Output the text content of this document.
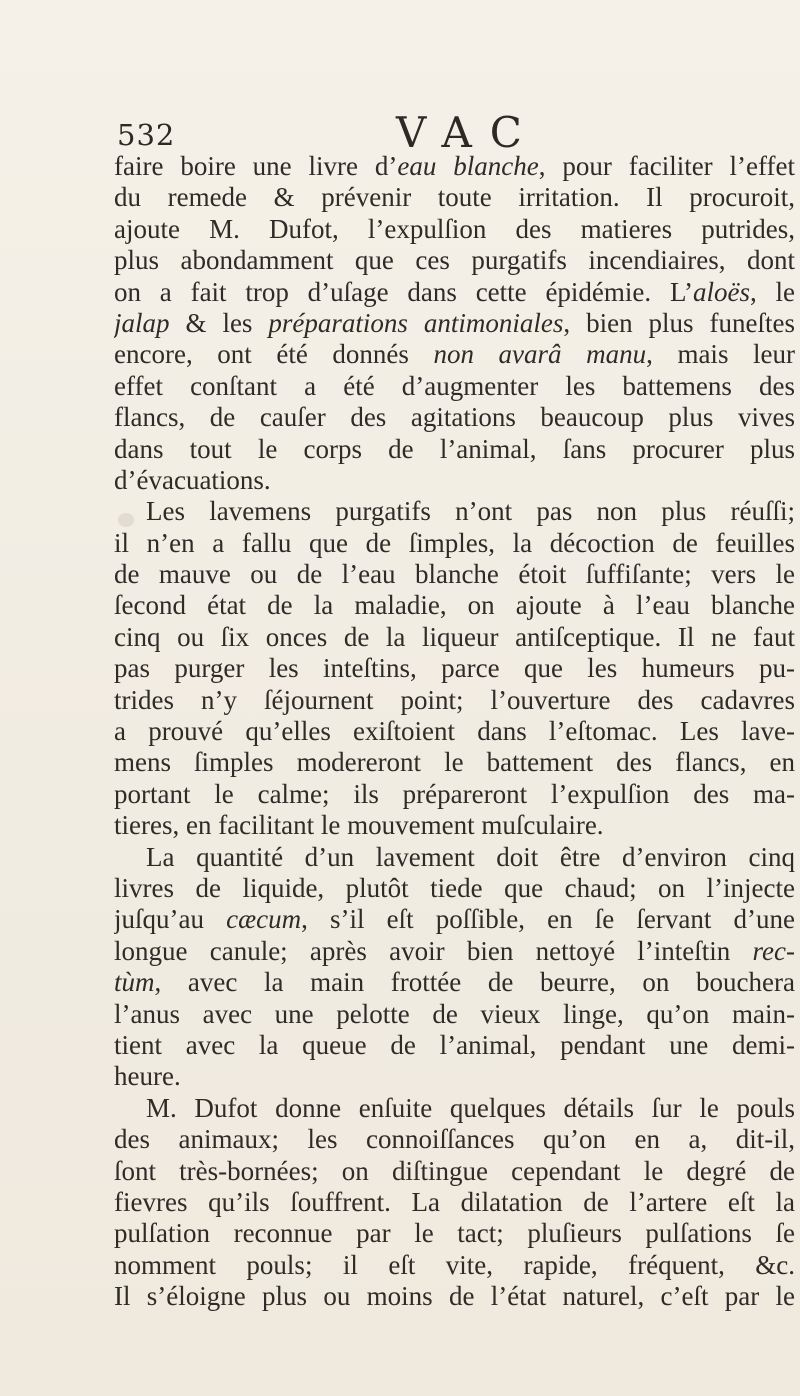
532	VAC
faire boire une livre d’eau blanche, pour faciliter l’effet
du remede & prévenir toute irritation. Il procuroit,
ajoute M. Dufot, l’expulſion des matieres putrides,
plus abondamment que ces purgatifs incendiaires, dont
on a fait trop d’uſage dans cette épidémie. L’aloës, le
jalap & les préparations antimoniales, bien plus funeſtes
encore, ont été donnés non avarâ manu, mais leur
effet conſtant a été d’augmenter les battemens des
flancs, de cauſer des agitations beaucoup plus vives
dans tout le corps de l’animal, ſans procurer plus
d’évacuations.
Les lavemens purgatifs n’ont pas non plus réuſſi;
il n’en a fallu que de ſimples, la décoction de feuilles
de mauve ou de l’eau blanche étoit ſuffiſante; vers le
ſecond état de la maladie, on ajoute à l’eau blanche
cinq ou ſix onces de la liqueur antiſceptique. Il ne faut
pas purger les inteſtins, parce que les humeurs pu-
trides n’y ſéjournent point; l’ouverture des cadavres
a prouvé qu’elles exiſtoient dans l’eſtomac. Les lave-
mens ſimples modereront le battement des flancs, en
portant le calme; ils prépareront l’expulſion des ma-
tieres, en facilitant le mouvement muſculaire.
La quantité d’un lavement doit être d’environ cinq
livres de liquide, plutôt tiede que chaud; on l’injecte
juſqu’au cæcum, s’il eſt poſſible, en ſe ſervant d’une
longue canule; après avoir bien nettoyé l’inteſtin rec-
tùm, avec la main frottée de beurre, on bouchera
l’anus avec une pelotte de vieux linge, qu’on main-
tient avec la queue de l’animal, pendant une demi-
heure.
M. Dufot donne enſuite quelques détails ſur le pouls
des animaux; les connoiſſances qu’on en a, dit-il,
ſont très-bornées; on diſtingue cependant le degré de
fievres qu’ils ſouffrent. La dilatation de l’artere eſt la
pulſation reconnue par le tact; pluſieurs pulſations ſe
nomment pouls; il eſt vite, rapide, fréquent, &c.
Il s’éloigne plus ou moins de l’état naturel, c’eſt par le
